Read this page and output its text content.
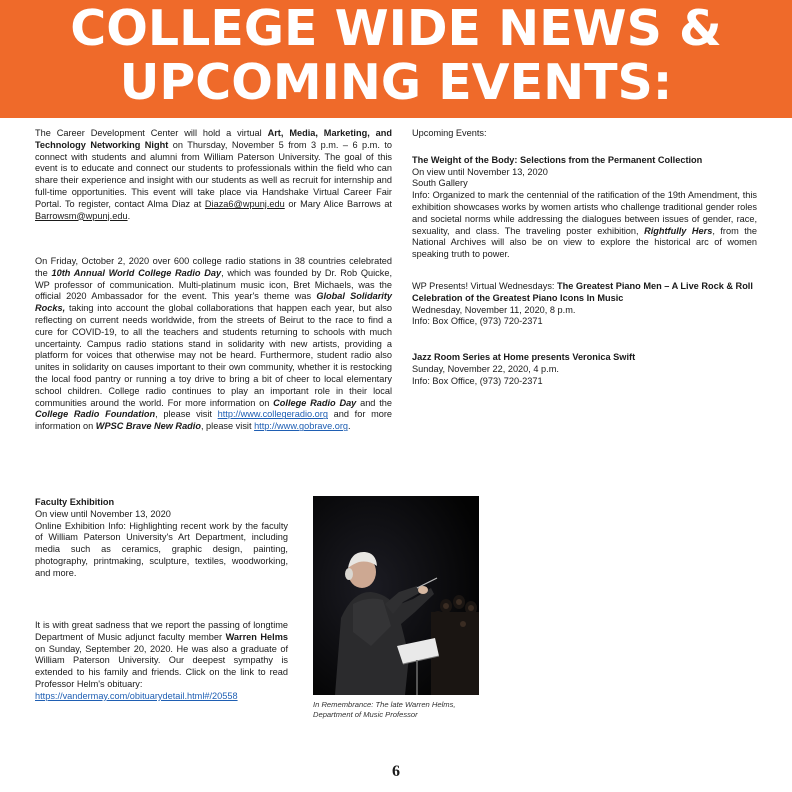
COLLEGE WIDE NEWS &
UPCOMING EVENTS:

The Career Development Center will hold a virtual Art, Media, Marketing, and Technology Networking Night on Thursday, November 5 from 3 p.m. – 6 p.m. to connect with students and alumni from William Paterson University. The goal of this event is to educate and connect our students to professionals within the field who can share their experience and insight with our students as well as recruit for internship and full-time opportunities. This event will take place via Handshake Virtual Career Fair Portal. To register, contact Alma Diaz at Diaza6@wpunj.edu or Mary Alice Barrows at Barrowsm@wpunj.edu.

On Friday, October 2, 2020 over 600 college radio stations in 38 countries celebrated the 10th Annual World College Radio Day, which was founded by Dr. Rob Quicke, WP professor of communication. Multi-platinum music icon, Bret Michaels, was the official 2020 Ambassador for the event. This year's theme was Global Solidarity Rocks, taking into account the global collaborations that happen each year, but also reflecting on current needs worldwide, from the streets of Beirut to the race to find a cure for COVID-19, to all the teachers and students returning to schools with much uncertainty. Campus radio stations stand in solidarity with new artists, providing a platform for voices that otherwise may not be heard. Furthermore, student radio also unites in solidarity on causes important to their own community, whether it is restocking the local food pantry or running a toy drive to bring a bit of cheer to local elementary school children. College radio continues to play an important role in their local communities around the world. For more information on College Radio Day and the College Radio Foundation, please visit http://www.collegeradio.org and for more information on WPSC Brave New Radio, please visit http://www.gobrave.org.

Faculty Exhibition

On view until November 13, 2020

Online Exhibition Info: Highlighting recent work by the faculty of William Paterson University's Art Department, including media such as ceramics, graphic design, painting, photography, printmaking, sculpture, textiles, woodworking, and more.

It is with great sadness that we report the passing of longtime Department of Music adjunct faculty member Warren Helms on Sunday, September 20, 2020. He was also a graduate of William Paterson University. Our deepest sympathy is extended to his family and friends. Click on the link to read Professor Helm's obituary:

https://vandermay.com/obituarydetail.html#/20558

In Remembrance: The late Warren Helms, Department of Music Professor

Upcoming Events:

The Weight of the Body: Selections from the Permanent Collection

On view until November 13, 2020

South Gallery

Info: Organized to mark the centennial of the ratification of the 19th Amendment, this exhibition showcases works by women artists who challenge traditional gender roles and societal norms while addressing the dialogues between issues of gender, race, sexuality, and class. The traveling poster exhibition, Rightfully Hers, from the National Archives will also be on view to explore the historical arc of women speaking truth to power.

WP Presents! Virtual Wednesdays: The Greatest Piano Men – A Live Rock & Roll Celebration of the Greatest Piano Icons In Music

Wednesday, November 11, 2020, 8 p.m.

Info: Box Office, (973) 720-2371

Jazz Room Series at Home presents Veronica Swift

Sunday, November 22, 2020, 4 p.m.

Info: Box Office, (973) 720-2371

6
